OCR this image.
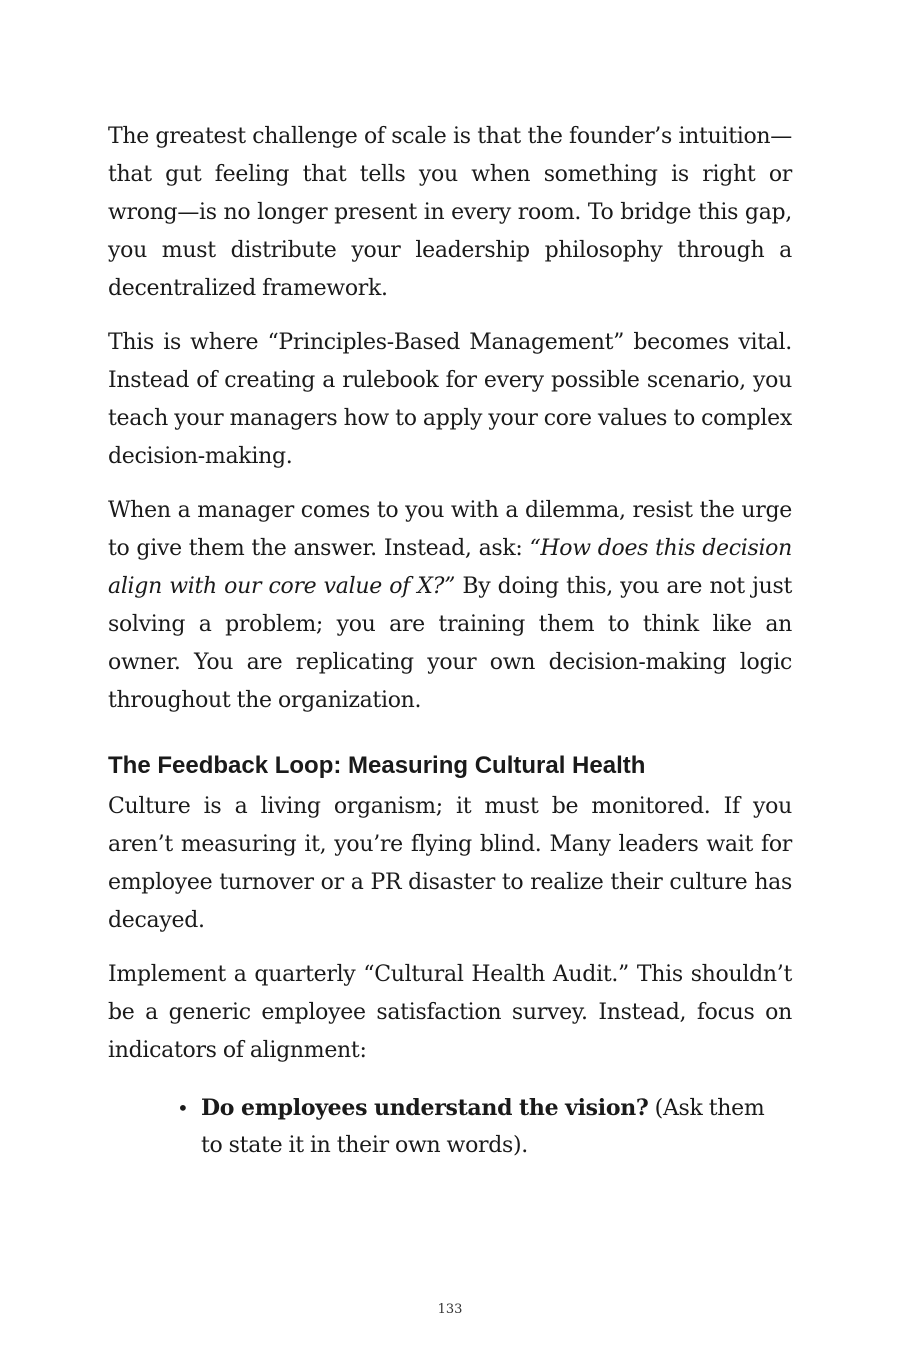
The greatest challenge of scale is that the founder’s intuition—that gut feeling that tells you when something is right or wrong—is no longer present in every room. To bridge this gap, you must distribute your leadership philosophy through a decentralized framework.

This is where “Principles-Based Management” becomes vital. Instead of creating a rulebook for every possible scenario, you teach your managers how to apply your core values to complex decision-making.

When a manager comes to you with a dilemma, resist the urge to give them the answer. Instead, ask: “How does this decision align with our core value of X?” By doing this, you are not just solving a problem; you are training them to think like an owner. You are replicating your own decision-making logic throughout the organization.

The Feedback Loop: Measuring Cultural Health

Culture is a living organism; it must be monitored. If you aren’t measuring it, you’re flying blind. Many leaders wait for employee turnover or a PR disaster to realize their culture has decayed.

Implement a quarterly “Cultural Health Audit.” This shouldn’t be a generic employee satisfaction survey. Instead, focus on indicators of alignment:

• Do employees understand the vision? (Ask them to state it in their own words).
133
